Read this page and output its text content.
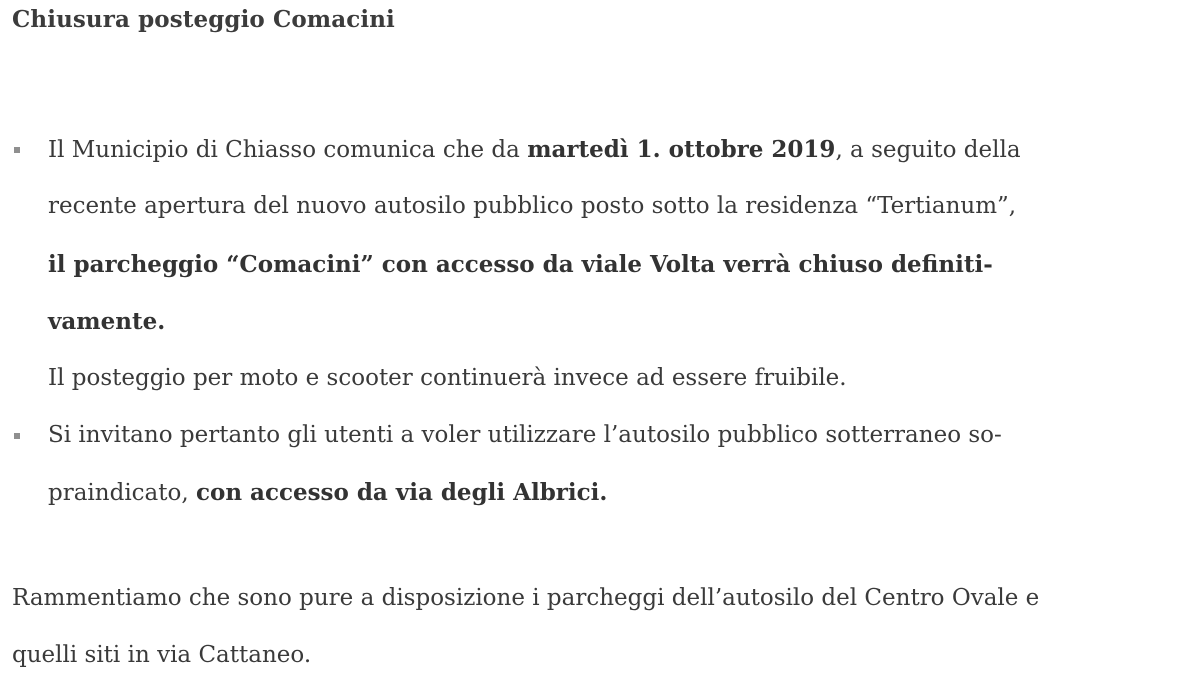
Chiusura posteggio Comacini
Il Municipio di Chiasso comunica che da martedì 1. ottobre 2019, a seguito della
recente apertura del nuovo autosilo pubblico posto sotto la residenza “Tertianum”,
il parcheggio “Comacini” con accesso da viale Volta verrà chiuso definiti-
vamente.
Il posteggio per moto e scooter continuerà invece ad essere fruibile.
Si invitano pertanto gli utenti a voler utilizzare l’autosilo pubblico sotterraneo so-
praindicato, con accesso da via degli Albrici.
Rammentiamo che sono pure a disposizione i parcheggi dell’autosilo del Centro Ovale e
quelli siti in via Cattaneo.
